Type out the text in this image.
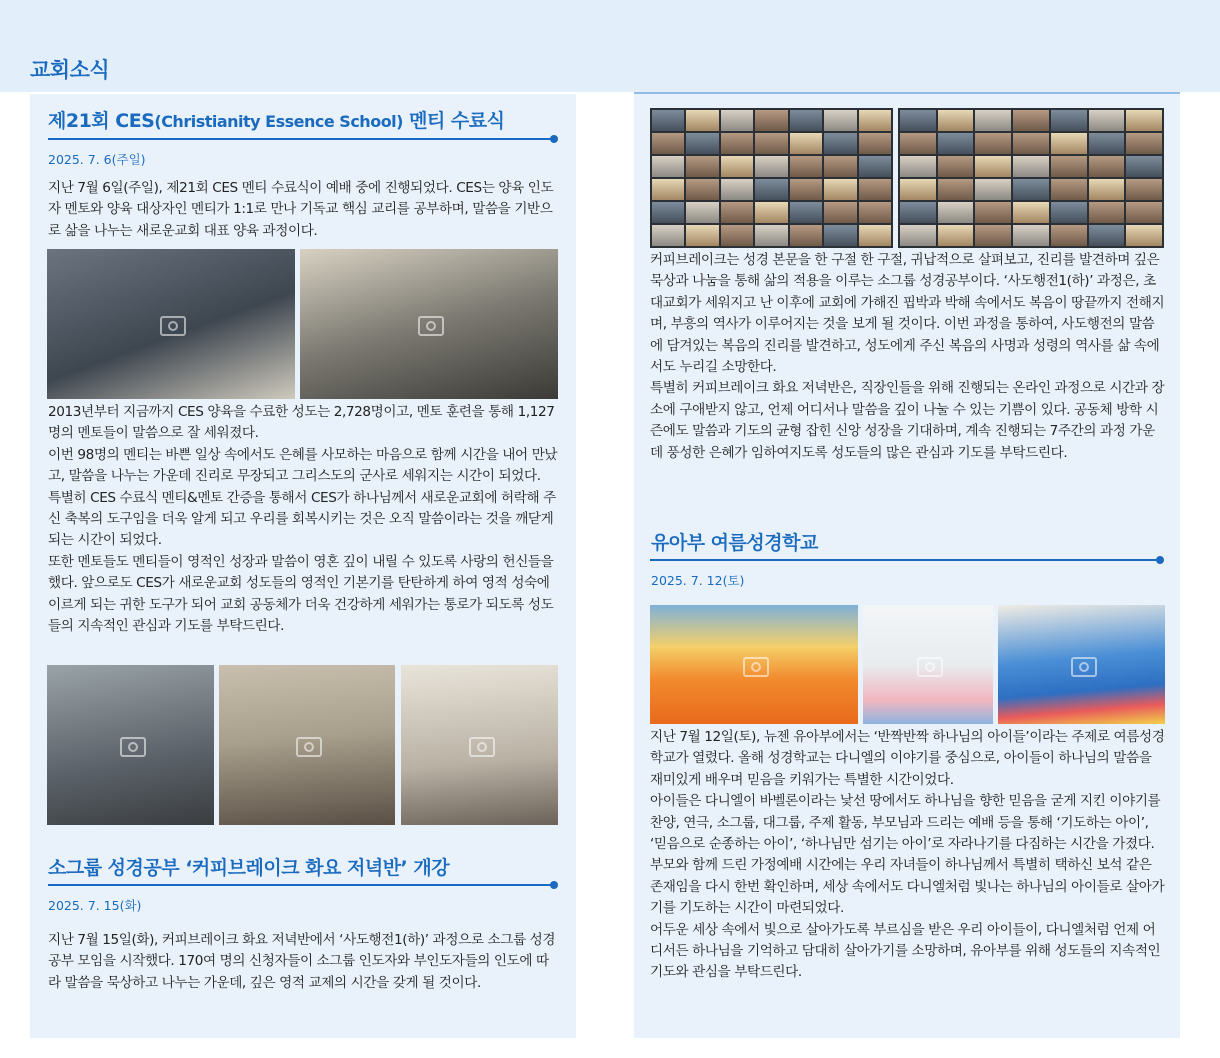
교회소식
제21회 CES(Christianity Essence School) 멘티 수료식
2025. 7. 6(주일)

지난 7월 6일(주일), 제21회 CES 멘티 수료식이 예배 중에 진행되었다. CES는 양육 인도자 멘토와 양육 대상자인 멘티가 1:1로 만나 기독교 핵심 교리를 공부하며, 말씀을 기반으로 삶을 나누는 새로운교회 대표 양육 과정이다.

2013년부터 지금까지 CES 양육을 수료한 성도는 2,728명이고, 멘토 훈련을 통해 1,127명의 멘토들이 말씀으로 잘 세워졌다.
이번 98명의 멘티는 바쁜 일상 속에서도 은혜를 사모하는 마음으로 함께 시간을 내어 만났고, 말씀을 나누는 가운데 진리로 무장되고 그리스도의 군사로 세워지는 시간이 되었다.
특별히 CES 수료식 멘티&멘토 간증을 통해서 CES가 하나님께서 새로운교회에 허락해 주신 축복의 도구임을 더욱 알게 되고 우리를 회복시키는 것은 오직 말씀이라는 것을 깨닫게 되는 시간이 되었다.
또한 멘토들도 멘티들이 영적인 성장과 말씀이 영혼 깊이 내릴 수 있도록 사랑의 헌신들을 했다. 앞으로도 CES가 새로운교회 성도들의 영적인 기본기를 탄탄하게 하여 영적 성숙에 이르게 되는 귀한 도구가 되어 교회 공동체가 더욱 건강하게 세워가는 통로가 되도록 성도들의 지속적인 관심과 기도를 부탁드린다.

소그룹 성경공부 ‘커피브레이크 화요 저녁반’ 개강
2025. 7. 15(화)

지난 7월 15일(화), 커피브레이크 화요 저녁반에서 ‘사도행전1(하)’ 과정으로 소그룹 성경공부 모임을 시작했다. 170여 명의 신청자들이 소그룹 인도자와 부인도자들의 인도에 따라 말씀을 묵상하고 나누는 가운데, 깊은 영적 교제의 시간을 갖게 될 것이다.

커피브레이크는 성경 본문을 한 구절 한 구절, 귀납적으로 살펴보고, 진리를 발견하며 깊은 묵상과 나눔을 통해 삶의 적용을 이루는 소그룹 성경공부이다. ‘사도행전1(하)’ 과정은, 초대교회가 세워지고 난 이후에 교회에 가해진 핍박과 박해 속에서도 복음이 땅끝까지 전해지며, 부흥의 역사가 이루어지는 것을 보게 될 것이다. 이번 과정을 통하여, 사도행전의 말씀에 담겨있는 복음의 진리를 발견하고, 성도에게 주신 복음의 사명과 성령의 역사를 삶 속에서도 누리길 소망한다.
특별히 커피브레이크 화요 저녁반은, 직장인들을 위해 진행되는 온라인 과정으로 시간과 장소에 구애받지 않고, 언제 어디서나 말씀을 깊이 나눌 수 있는 기쁨이 있다. 공동체 방학 시즌에도 말씀과 기도의 균형 잡힌 신앙 성장을 기대하며, 계속 진행되는 7주간의 과정 가운데 풍성한 은혜가 임하여지도록 성도들의 많은 관심과 기도를 부탁드린다.

유아부 여름성경학교
2025. 7. 12(토)

지난 7월 12일(토), 뉴젠 유아부에서는 ‘반짝반짝 하나님의 아이들’이라는 주제로 여름성경학교가 열렸다. 올해 성경학교는 다니엘의 이야기를 중심으로, 아이들이 하나님의 말씀을 재미있게 배우며 믿음을 키워가는 특별한 시간이었다.
아이들은 다니엘이 바벨론이라는 낯선 땅에서도 하나님을 향한 믿음을 굳게 지킨 이야기를 찬양, 연극, 소그룹, 대그룹, 주제 활동, 부모님과 드리는 예배 등을 통해 ‘기도하는 아이’, ‘믿음으로 순종하는 아이’, ‘하나님만 섬기는 아이’로 자라나기를 다짐하는 시간을 가졌다.
부모와 함께 드린 가정예배 시간에는 우리 자녀들이 하나님께서 특별히 택하신 보석 같은 존재임을 다시 한번 확인하며, 세상 속에서도 다니엘처럼 빛나는 하나님의 아이들로 살아가기를 기도하는 시간이 마련되었다.
어두운 세상 속에서 빛으로 살아가도록 부르심을 받은 우리 아이들이, 다니엘처럼 언제 어디서든 하나님을 기억하고 담대히 살아가기를 소망하며, 유아부를 위해 성도들의 지속적인 기도와 관심을 부탁드린다.
